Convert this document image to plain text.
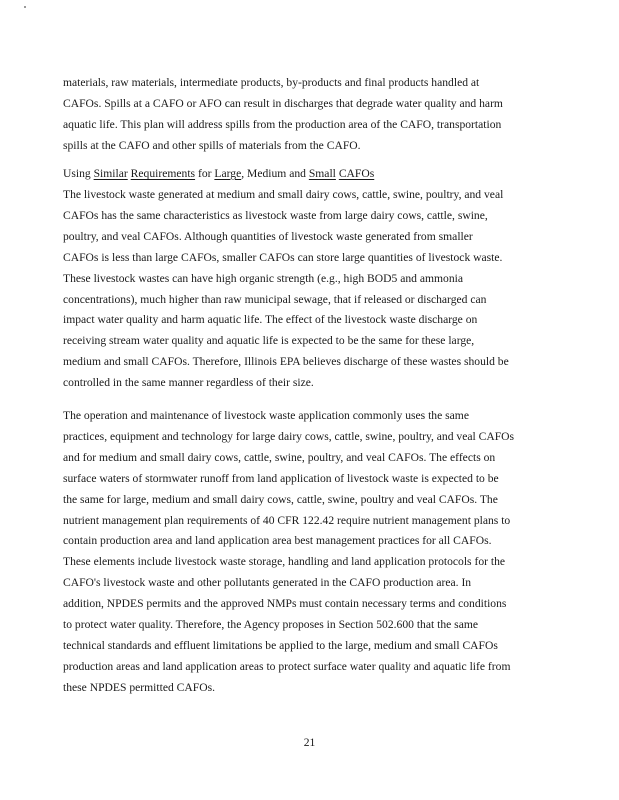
materials, raw materials, intermediate products, by-products and final products handled at
CAFOs. Spills at a CAFO or AFO can result in discharges that degrade water quality and harm
aquatic life. This plan will address spills from the production area of the CAFO, transportation
spills at the CAFO and other spills of materials from the CAFO.
Using Similar Requirements for Large, Medium and Small CAFOs
The livestock waste generated at medium and small dairy cows, cattle, swine, poultry, and veal
CAFOs has the same characteristics as livestock waste from large dairy cows, cattle, swine,
poultry, and veal CAFOs. Although quantities of livestock waste generated from smaller
CAFOs is less than large CAFOs, smaller CAFOs can store large quantities of livestock waste.
These livestock wastes can have high organic strength (e.g., high BOD5 and ammonia
concentrations), much higher than raw municipal sewage, that if released or discharged can
impact water quality and harm aquatic life. The effect of the livestock waste discharge on
receiving stream water quality and aquatic life is expected to be the same for these large,
medium and small CAFOs. Therefore, Illinois EPA believes discharge of these wastes should be
controlled in the same manner regardless of their size.
The operation and maintenance of livestock waste application commonly uses the same
practices, equipment and technology for large dairy cows, cattle, swine, poultry, and veal CAFOs
and for medium and small dairy cows, cattle, swine, poultry, and veal CAFOs. The effects on
surface waters of stormwater runoff from land application of livestock waste is expected to be
the same for large, medium and small dairy cows, cattle, swine, poultry and veal CAFOs. The
nutrient management plan requirements of 40 CFR 122.42 require nutrient management plans to
contain production area and land application area best management practices for all CAFOs.
These elements include livestock waste storage, handling and land application protocols for the
CAFO's livestock waste and other pollutants generated in the CAFO production area. In
addition, NPDES permits and the approved NMPs must contain necessary terms and conditions
to protect water quality. Therefore, the Agency proposes in Section 502.600 that the same
technical standards and effluent limitations be applied to the large, medium and small CAFOs
production areas and land application areas to protect surface water quality and aquatic life from
these NPDES permitted CAFOs.
21
